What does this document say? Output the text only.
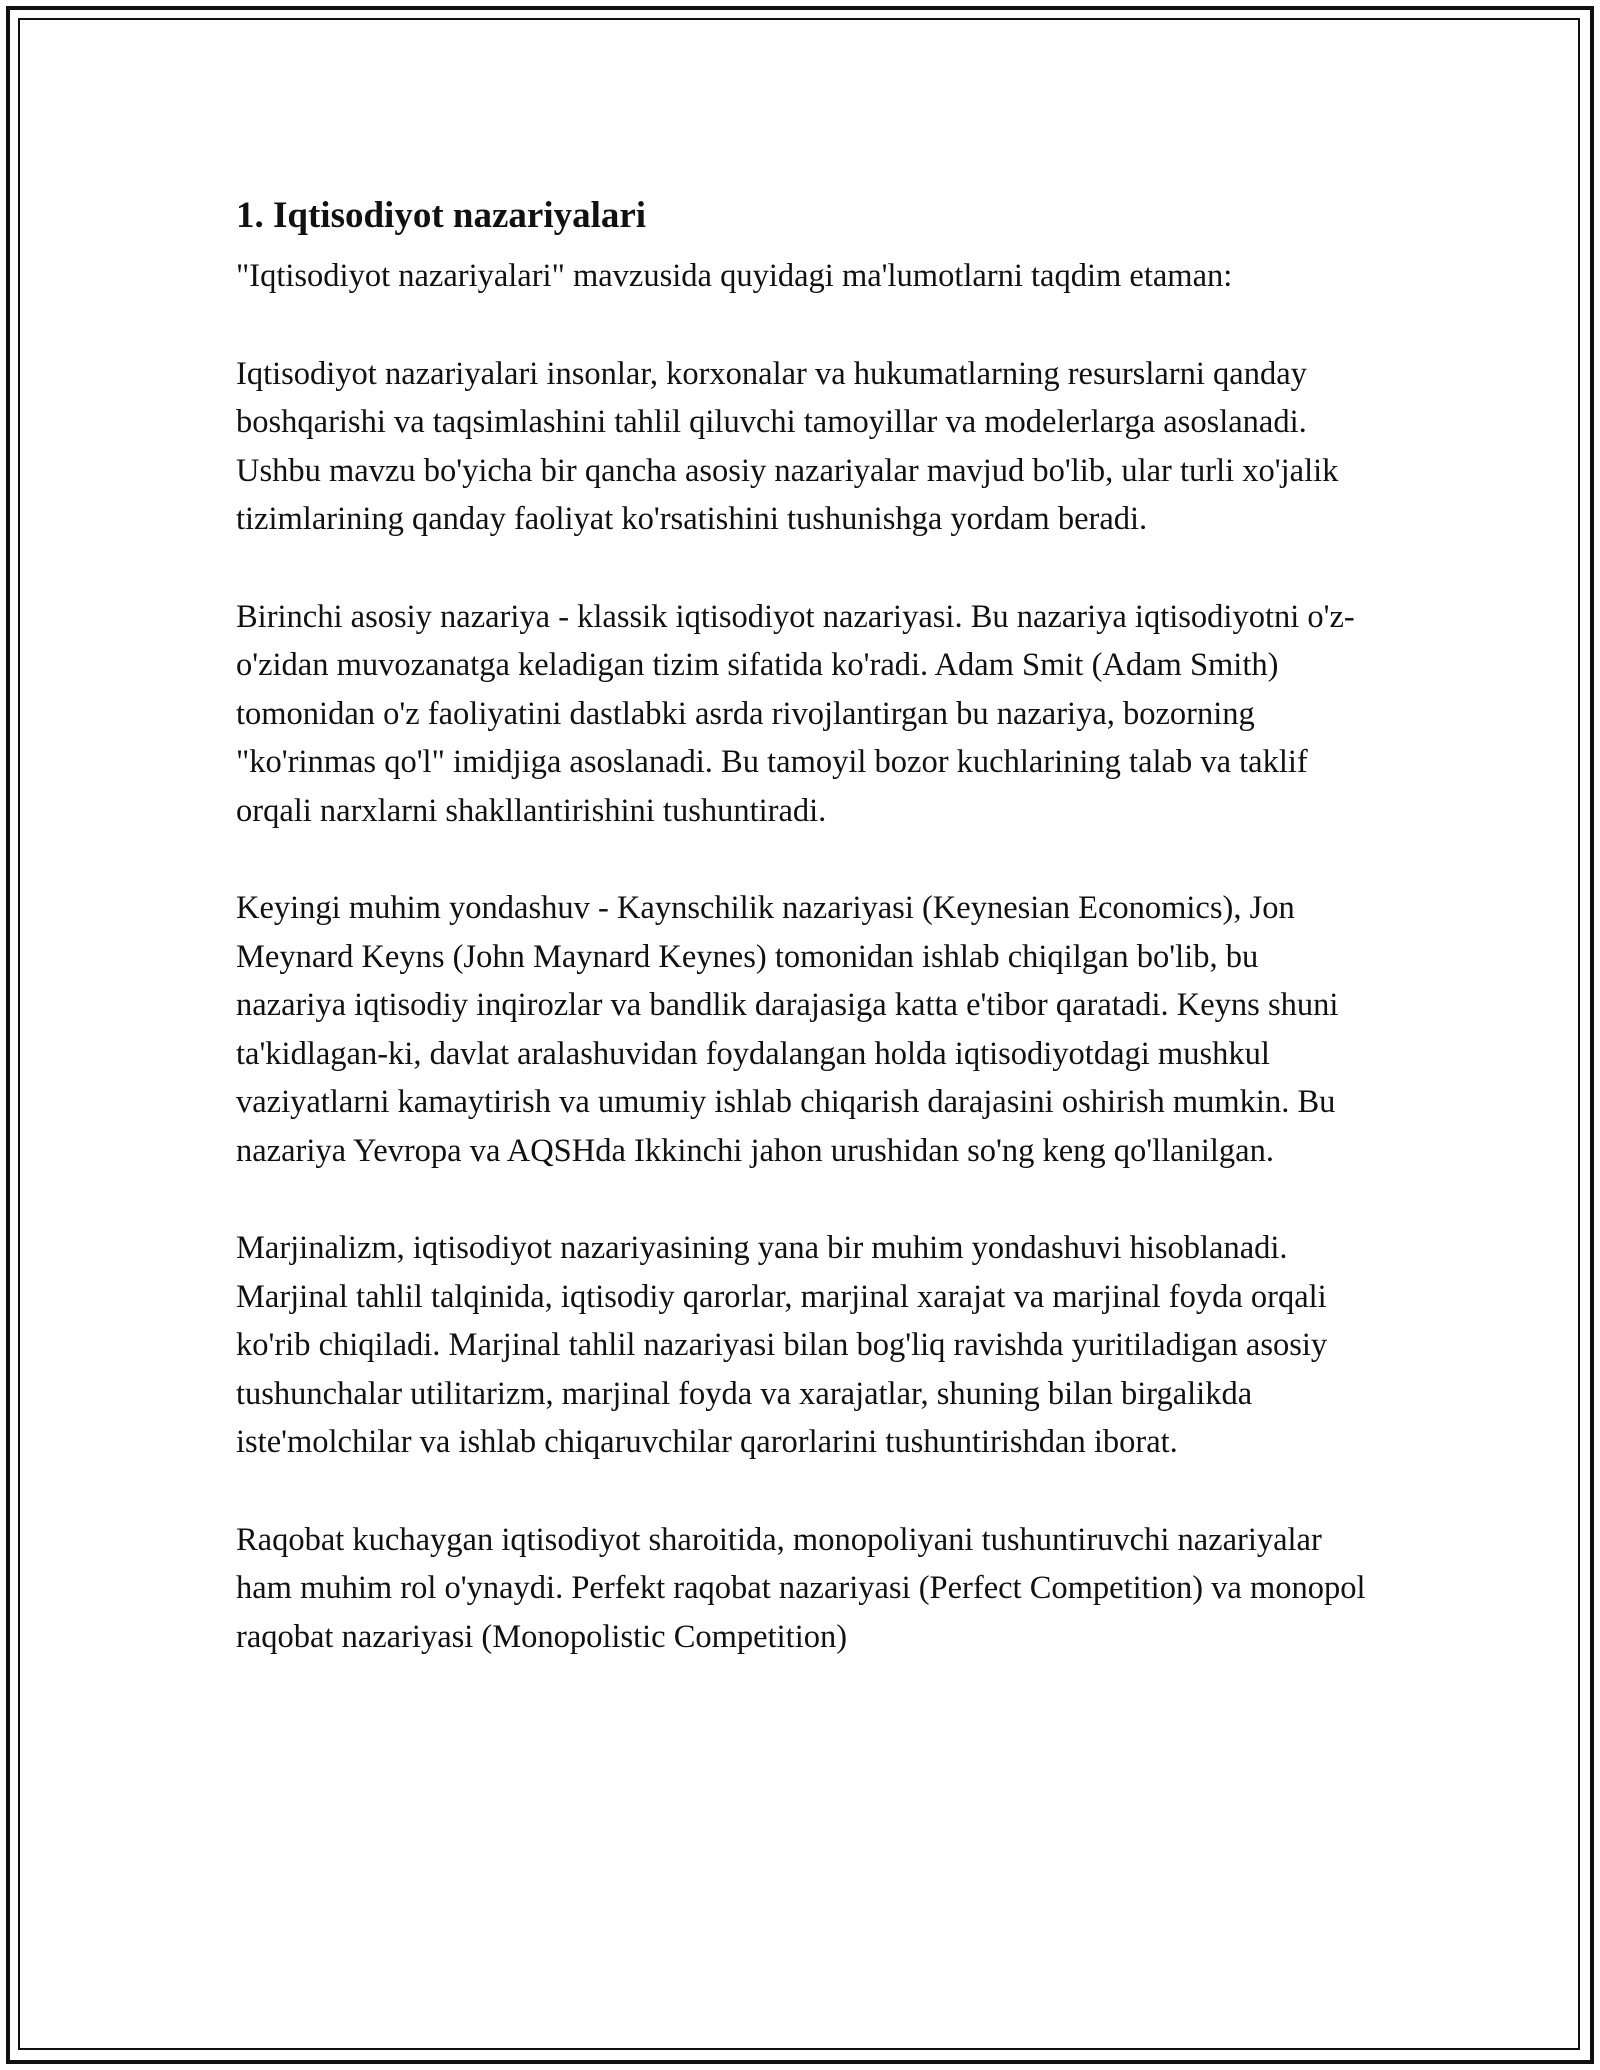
1. Iqtisodiyot nazariyalari

"Iqtisodiyot nazariyalari" mavzusida quyidagi ma'lumotlarni taqdim etaman:

Iqtisodiyot nazariyalari insonlar, korxonalar va hukumatlarning resurslarni qanday boshqarishi va taqsimlashini tahlil qiluvchi tamoyillar va modelerlarga asoslanadi. Ushbu mavzu bo'yicha bir qancha asosiy nazariyalar mavjud bo'lib, ular turli xo'jalik tizimlarining qanday faoliyat ko'rsatishini tushunishga yordam beradi.

Birinchi asosiy nazariya - klassik iqtisodiyot nazariyasi. Bu nazariya iqtisodiyotni o'z-o'zidan muvozanatga keladigan tizim sifatida ko'radi. Adam Smit (Adam Smith) tomonidan o'z faoliyatini dastlabki asrda rivojlantirgan bu nazariya, bozorning "ko'rinmas qo'l" imidjiga asoslanadi. Bu tamoyil bozor kuchlarining talab va taklif orqali narxlarni shakllantirishini tushuntiradi.

Keyingi muhim yondashuv - Kaynschilik nazariyasi (Keynesian Economics), Jon Meynard Keyns (John Maynard Keynes) tomonidan ishlab chiqilgan bo'lib, bu nazariya iqtisodiy inqirozlar va bandlik darajasiga katta e'tibor qaratadi. Keyns shuni ta'kidlagan-ki, davlat aralashuvidan foydalangan holda iqtisodiyotdagi mushkul vaziyatlarni kamaytirish va umumiy ishlab chiqarish darajasini oshirish mumkin. Bu nazariya Yevropa va AQSHda Ikkinchi jahon urushidan so'ng keng qo'llanilgan.

Marjinalizm, iqtisodiyot nazariyasining yana bir muhim yondashuvi hisoblanadi. Marjinal tahlil talqinida, iqtisodiy qarorlar, marjinal xarajat va marjinal foyda orqali ko'rib chiqiladi. Marjinal tahlil nazariyasi bilan bog'liq ravishda yuritiladigan asosiy tushunchalar utilitarizm, marjinal foyda va xarajatlar, shuning bilan birgalikda iste'molchilar va ishlab chiqaruvchilar qarorlarini tushuntirishdan iborat.

Raqobat kuchaygan iqtisodiyot sharoitida, monopoliyani tushuntiruvchi nazariyalar ham muhim rol o'ynaydi. Perfekt raqobat nazariyasi (Perfect Competition) va monopol raqobat nazariyasi (Monopolistic Competition)
